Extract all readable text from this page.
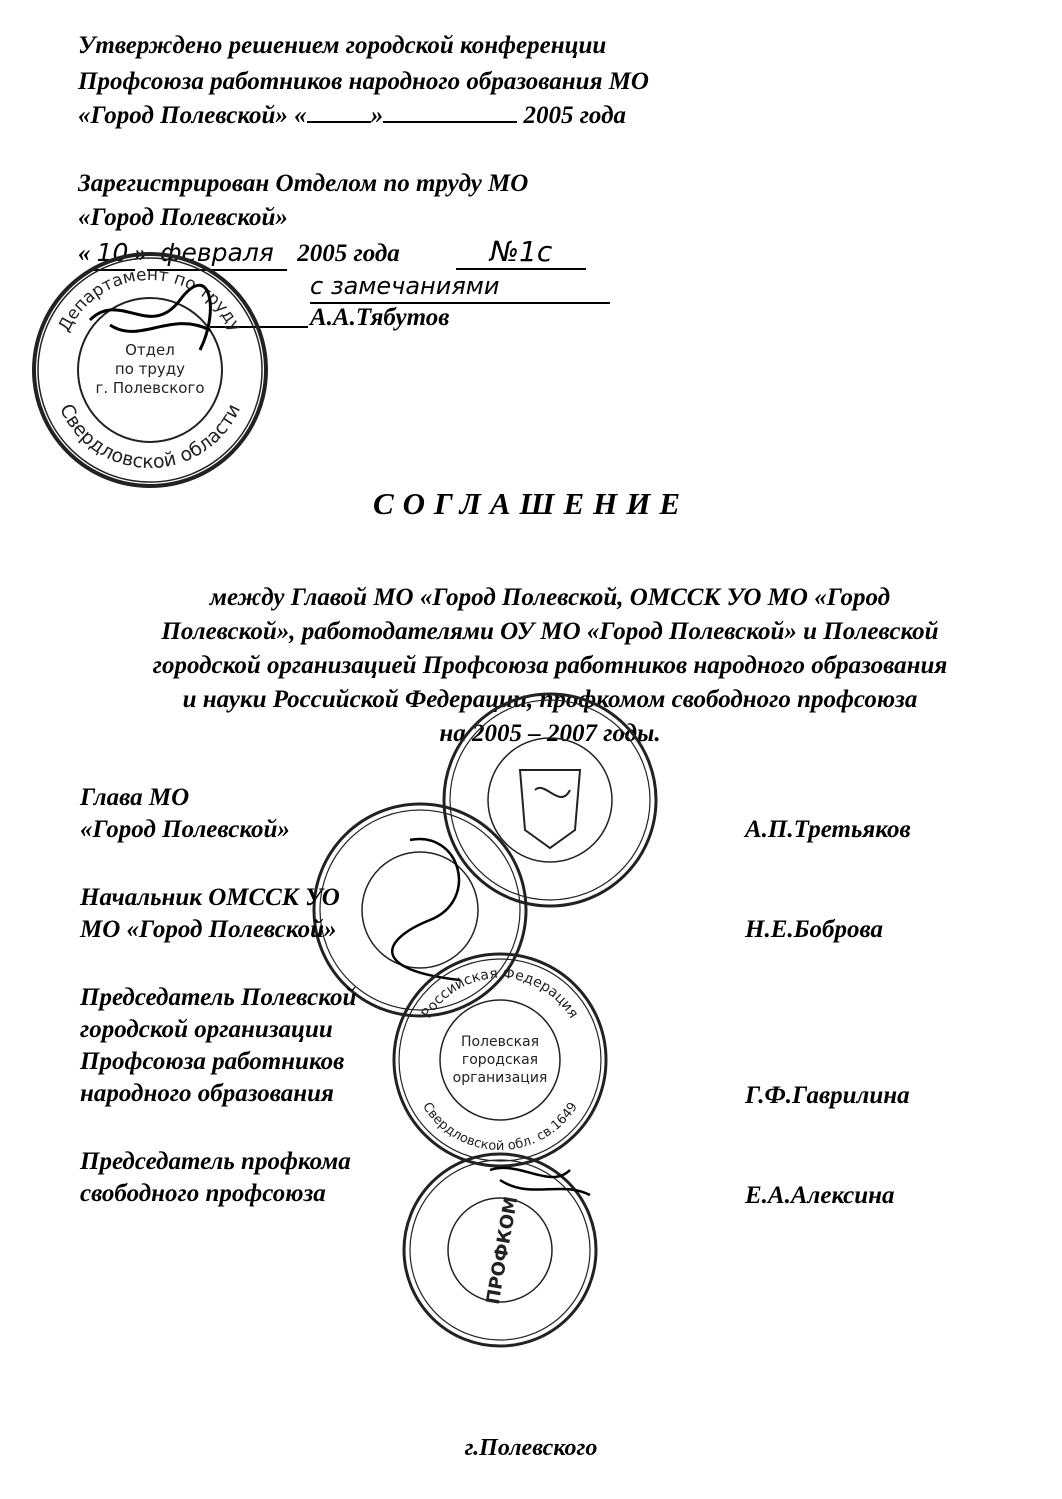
Утверждено решением городской конференции
Профсоюза работников народного образования МО
«Город Полевской» «	»	2005 года
Зарегистрирован Отделом по труду МО
«Город Полевской»
« 10 » февраля 2005 года	№1с
с замечаниями
А.А.Тябутов
Департамент по труду
Свердловской области
Отдел
по труду
г. Полевского
СОГЛАШЕНИЕ
между Главой МО «Город Полевской, ОМССК УО МО «Город
Полевской», работодателями ОУ МО «Город Полевской» и Полевской
городской организацией Профсоюза работников народного образования
и науки Российской Федерации, профкомом свободного профсоюза
на 2005 – 2007 годы.
Глава МО
«Город Полевской»	А.П.Третьяков
Начальник ОМССК УО
МО «Город Полевской»	Н.Е.Боброва
Российская Федерация
Свердловской обл. св.1649
Полевская
городская
организация
Председатель Полевской
городской организации
Профсоюза работников
народного образования	Г.Ф.Гаврилина
ПРОФКОМ
Председатель профкома
свободного профсоюза	Е.А.Алексина
г.Полевского
